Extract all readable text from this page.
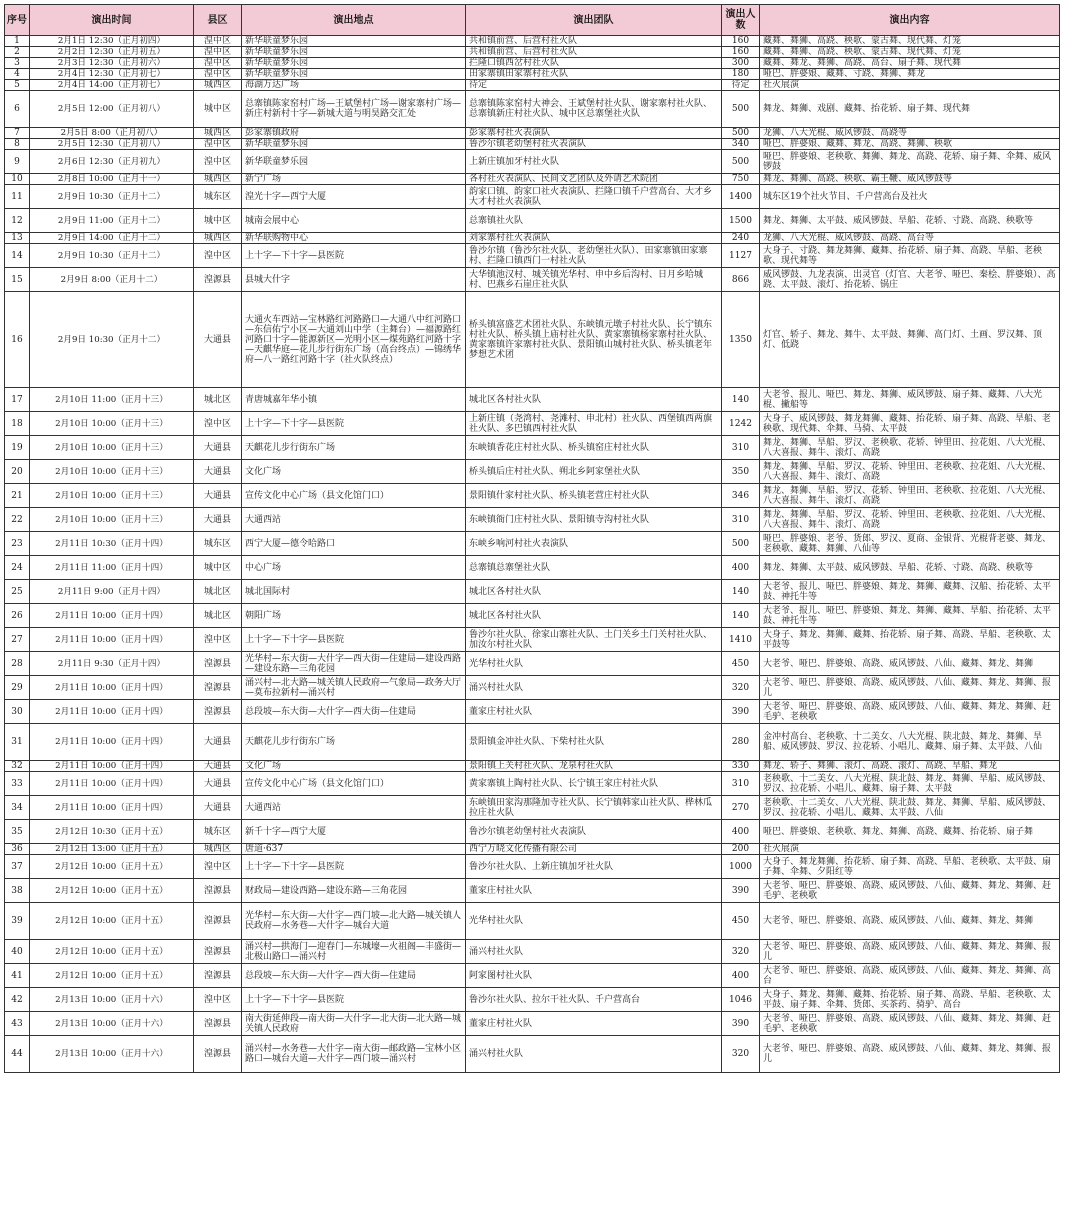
序号	演出时间	县区	演出地点	演出团队	演出人数	演出内容
1	2月1日 12:30（正月初四）	湟中区	新华联童梦乐园	共和镇前营、后营村社火队	160	藏舞、舞狮、高跷、秧歌、蒙古舞、现代舞、灯笼
2	2月2日 12:30（正月初五）	湟中区	新华联童梦乐园	共和镇前营、后营村社火队	160	藏舞、舞狮、高跷、秧歌、蒙古舞、现代舞、灯笼
3	2月3日 12:30（正月初六）	湟中区	新华联童梦乐园	拦隆口镇西岔村社火队	300	藏舞、舞龙、舞狮、高跷、高台、扇子舞、现代舞
4	2月4日 12:30（正月初七）	湟中区	新华联童梦乐园	田家寨镇田家寨村社火队	180	哑巴、胖婆娘、藏舞、寸跷、舞狮、舞龙
5	2月4日 14:00（正月初七）	城西区	海湖万达广场	待定	待定	社火展演
6	2月5日 12:00（正月初八）	城中区	总寨镇陈家窑村广场—王斌堡村广场—谢家寨村广场—新庄村新村十字—新城大道与明昊路交汇处	总寨镇陈家窑村大神会、王斌堡村社火队、谢家寨村社火队、总寨镇新庄村社火队、城中区总寨堡社火队	500	舞龙、舞狮、戏剧、藏舞、抬花轿、扇子舞、现代舞
7	2月5日 8:00（正月初八）	城西区	彭家寨镇政府	彭家寨村社火表演队	500	龙狮、八大光棍、威风锣鼓、高跷等
8	2月5日 12:30（正月初八）	湟中区	新华联童梦乐园	鲁沙尔镇老幼堡村社火表演队	340	哑巴、胖婆娘、藏舞、舞龙、高跷、舞狮、秧歌
9	2月6日 12:30（正月初九）	湟中区	新华联童梦乐园	上新庄镇加牙村社火队	500	哑巴、胖婆娘、老秧歌、舞狮、舞龙、高跷、花轿、扇子舞、伞舞、威风锣鼓
10	2月8日 10:00（正月十一）	城西区	新宁广场	各村社火表演队、民间文艺团队及外请艺术院团	750	舞龙、舞狮、高跷、秧歌、霸王鞭、威风锣鼓等
11	2月9日 10:30（正月十二）	城东区	湟光十字—西宁大厦	韵家口镇、韵家口社火表演队、拦隆口镇千户营高台、大才乡大才村社火表演队	1400	城东区19个社火节目、千户营高台及社火
12	2月9日 11:00（正月十二）	城中区	城南会展中心	总寨镇社火队	1500	舞龙、舞狮、太平鼓、威风锣鼓、旱船、花轿、寸跷、高跷、秧歌等
13	2月9日 14:00（正月十二）	城西区	新华联购物中心	刘家寨村社火表演队	240	龙狮、八大光棍、威风锣鼓、高跷、高台等
14	2月9日 10:30（正月十二）	湟中区	上十字—下十字—县医院	鲁沙尔镇（鲁沙尔社火队、老幼堡社火队）、田家寨镇田家寨村、拦隆口镇西门一村社火队	1127	大身子、寸跷、舞龙舞狮、藏舞、抬花轿、扇子舞、高跷、旱船、老秧歌、现代舞等
15	2月9日 8:00（正月十二）	湟源县	县城大什字	大华镇池汉村、城关镇光华村、申中乡后沟村、日月乡哈城村、巴燕乡石崖庄社火队	866	威风锣鼓、九龙表演、出灵官（灯官、大老爷、哑巴、秦桧、胖婆娘）、高跷、太平鼓、滚灯、抬花轿、锅庄
16	2月9日 10:30（正月十二）	大通县	大通火车西站—宝林路红河路路口—大通八中红河路口—东信佑宁小区—大通刘山中学（主舞台）—福源路红河路口十字—能源新区—光明小区—煤苑路红河路十字—天麒华庭—花儿步行街东广场（高台终点）—锦绣华府—八一路红河路十字（社火队终点）	桥头镇富盛艺术团社火队、东峡镇元墩子村社火队、长宁镇东村社火队、桥头镇上庙村社火队、黄家寨镇杨家寨村社火队、黄家寨镇许家寨村社火队、景阳镇山城村社火队、桥头镇老年梦想艺术团	1350	灯官、轿子、舞龙、舞牛、太平鼓、舞狮、高门灯、土画、罗汉舞、顶灯、低跷
17	2月10日 11:00（正月十三）	城北区	青唐城嘉年华小镇	城北区各村社火队	140	大老爷、报儿、哑巴、舞龙、舞狮、威风锣鼓、扇子舞、藏舞、八大光棍、撇船等
18	2月10日 10:00（正月十三）	湟中区	上十字—下十字—县医院	上新庄镇（尧湾村、尧滩村、申北村）社火队、西堡镇西两旗社火队、多巴镇西村社火队	1242	大身子、威风锣鼓、舞龙舞狮、藏舞、抬花轿、扇子舞、高跷、旱船、老秧歌、现代舞、伞舞、马骑、太平鼓
19	2月10日 10:00（正月十三）	大通县	天麒花儿步行街东广场	东峡镇香花庄村社火队、桥头镇窑庄村社火队	310	舞龙、舞狮、旱船、罗汉、老秧歌、花轿、钟里田、拉花姐、八大光棍、八大喜报、舞牛、滚灯、高跷
20	2月10日 10:00（正月十三）	大通县	文化广场	桥头镇后庄村社火队、朔北乡阿家堡社火队	350	舞龙、舞狮、旱船、罗汉、花轿、钟里田、老秧歌、拉花姐、八大光棍、八大喜报、舞牛、滚灯、高跷
21	2月10日 10:00（正月十三）	大通县	宣传文化中心广场（县文化馆门口）	景阳镇什家村社火队、桥头镇老营庄村社火队	346	舞龙、舞狮、旱船、罗汉、花轿、钟里田、老秧歌、拉花姐、八大光棍、八大喜报、舞牛、滚灯、高跷
22	2月10日 10:00（正月十三）	大通县	大通西站	东峡镇衙门庄村社火队、景阳镇寺沟村社火队	310	舞龙、舞狮、旱船、罗汉、花轿、钟里田、老秧歌、拉花姐、八大光棍、八大喜报、舞牛、滚灯、高跷
23	2月11日 10:30（正月十四）	城东区	西宁大厦—德令哈路口	东峡乡响河村社火表演队	500	哑巴、胖婆娘、老爷、货郎、罗汉、夏商、金银背、光棍背老婆、舞龙、老秧歌、藏舞、舞狮、八仙等
24	2月11日 11:00（正月十四）	城中区	中心广场	总寨镇总寨堡社火队	400	舞龙、舞狮、太平鼓、威风锣鼓、旱船、花轿、寸跷、高跷、秧歌等
25	2月11日 9:00（正月十四）	城北区	城北国际村	城北区各村社火队	140	大老爷、报儿、哑巴、胖婆娘、舞龙、舞狮、藏舞、汉船、抬花轿、太平鼓、神托牛等
26	2月11日 10:00（正月十四）	城北区	朝阳广场	城北区各村社火队	140	大老爷、报儿、哑巴、胖婆娘、舞龙、舞狮、藏舞、旱船、抬花轿、太平鼓、神托牛等
27	2月11日 10:00（正月十四）	湟中区	上十字—下十字—县医院	鲁沙尔社火队、徐家山寨社火队、土门关乡土门关村社火队、加汝尔村社火队	1410	大身子、舞龙、舞狮、藏舞、抬花轿、扇子舞、高跷、旱船、老秧歌、太平鼓等
28	2月11日 9:30（正月十四）	湟源县	光华村—东大街—大什字—西大街—住建局—建设西路—建设东路—三角花园	光华村社火队	450	大老爷、哑巴、胖婆娘、高跷、威风锣鼓、八仙、藏舞、舞龙、舞狮
29	2月11日 10:00（正月十四）	湟源县	涌兴村—北大路—城关镇人民政府—气象局—政务大厅—莫布拉新村—涌兴村	涌兴村社火队	320	大老爷、哑巴、胖婆娘、高跷、威风锣鼓、八仙、藏舞、舞龙、舞狮、报儿
30	2月11日 10:00（正月十四）	湟源县	总段坡—东大街—大什字—西大街—住建局	董家庄村社火队	390	大老爷、哑巴、胖婆娘、高跷、威风锣鼓、八仙、藏舞、舞龙、舞狮、赶毛驴、老秧歌
31	2月11日 10:00（正月十四）	大通县	天麒花儿步行街东广场	景阳镇金冲社火队、下柴村社火队	280	金冲村高台、老秧歌、十二美女、八大光棍、陕北鼓、舞龙、舞狮、旱船、威风锣鼓、罗汉、拉花轿、小唱儿、藏舞、扇子舞、太平鼓、八仙
32	2月11日 10:00（正月十四）	大通县	文化广场	景阳镇上关村社火队、龙泉村社火队	330	舞龙、轿子、舞狮、滚灯、高跷、滚灯、高跷、旱船、舞龙
33	2月11日 10:00（正月十四）	大通县	宣传文化中心广场（县文化馆门口）	黄家寨镇上陶村社火队、长宁镇王家庄村社火队	310	老秧歌、十二美女、八大光棍、陕北鼓、舞龙、舞狮、旱船、威风锣鼓、罗汉、拉花轿、小唱儿、藏舞、扇子舞、太平鼓
34	2月11日 10:00（正月十四）	大通县	大通西站	东峡镇田家沟那隆加寺社火队、长宁镇韩家山社火队、桦林瓜拉庄社火队	270	老秧歌、十二美女、八大光棍、陕北鼓、舞龙、舞狮、旱船、威风锣鼓、罗汉、拉花轿、小唱儿、藏舞、太平鼓、八仙
35	2月12日 10:30（正月十五）	城东区	新千十字—西宁大厦	鲁沙尔镇老幼堡村社火表演队	400	哑巴、胖婆娘、老秧歌、舞龙、舞狮、高跷、藏舞、抬花轿、扇子舞
36	2月12日 13:00（正月十五）	城西区	唐道·637	西宁万晓文化传播有限公司	200	社火展演
37	2月12日 10:00（正月十五）	湟中区	上十字—下十字—县医院	鲁沙尔社火队、上新庄镇加牙社火队	1000	大身子、舞龙舞狮、抬花轿、扇子舞、高跷、旱船、老秧歌、太平鼓、扇子舞、伞舞、夕阳红等
38	2月12日 10:00（正月十五）	湟源县	财政局—建设西路—建设东路—三角花园	董家庄村社火队	390	大老爷、哑巴、胖婆娘、高跷、威风锣鼓、八仙、藏舞、舞龙、舞狮、赶毛驴、老秧歌
39	2月12日 10:00（正月十五）	湟源县	光华村—东大街—大什字—西门坡—北大路—城关镇人民政府—水务巷—大什字—城台大道	光华村社火队	450	大老爷、哑巴、胖婆娘、高跷、威风锣鼓、八仙、藏舞、舞龙、舞狮
40	2月12日 10:00（正月十五）	湟源县	涌兴村—拱海门—迎春门—东城壕—火祖阁—丰盛街—北极山路口—涌兴村	涌兴村社火队	320	大老爷、哑巴、胖婆娘、高跷、威风锣鼓、八仙、藏舞、舞龙、舞狮、报儿
41	2月12日 10:00（正月十五）	湟源县	总段坡—东大街—大什字—西大街—住建局	阿家图村社火队	400	大老爷、哑巴、胖婆娘、高跷、威风锣鼓、八仙、藏舞、舞龙、舞狮、高台
42	2月13日 10:00（正月十六）	湟中区	上十字—下十字—县医院	鲁沙尔社火队、拉尔干社火队、千户营高台	1046	大身子、舞龙、舞狮、藏舞、抬花轿、扇子舞、高跷、旱船、老秧歌、太平鼓、扇子舞、伞舞、货郎、买茶药、骑驴、高台
43	2月13日 10:00（正月十六）	湟源县	南大街延伸段—南大街—大什字—北大街—北大路—城关镇人民政府	董家庄村社火队	390	大老爷、哑巴、胖婆娘、高跷、威风锣鼓、八仙、藏舞、舞龙、舞狮、赶毛驴、老秧歌
44	2月13日 10:00（正月十六）	湟源县	涌兴村—水务巷—大什字—南大街—邮政路—宝林小区路口—城台大道—大什字—西门坡—涌兴村	涌兴村社火队	320	大老爷、哑巴、胖婆娘、高跷、威风锣鼓、八仙、藏舞、舞龙、舞狮、报儿
